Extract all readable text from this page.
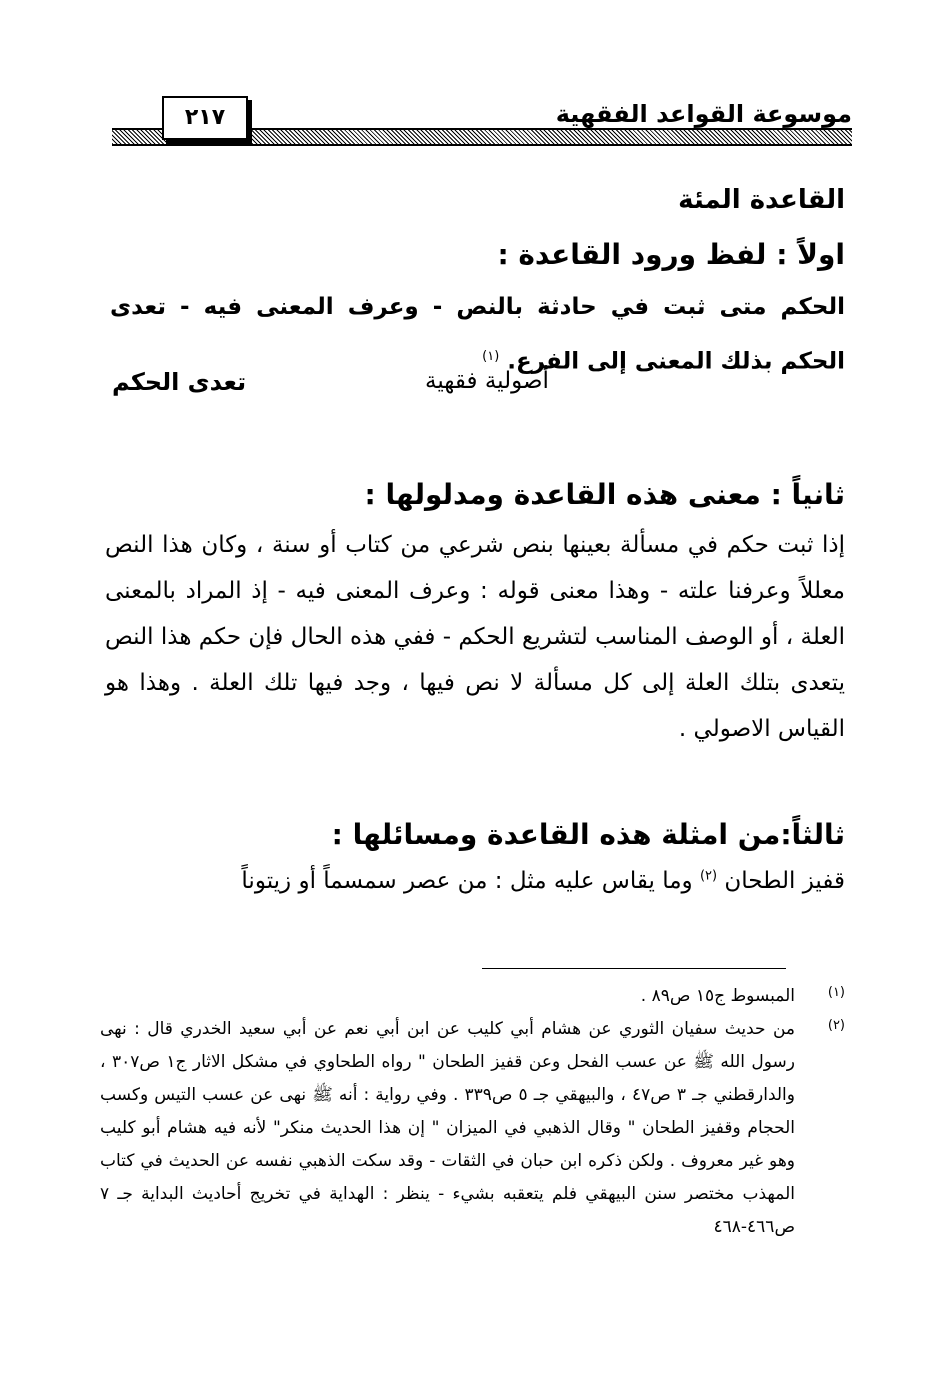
موسوعة القواعد الفقهية
٢١٧
القاعدة المئة
اولاً : لفظ ورود القاعدة :

الحكم متى ثبت في حادثة بالنص - وعرف المعنى فيه - تعدى الحكم بذلك المعنى إلى الفرع. $^{(١)}$

أصولية فقهية
تعدى الحكم
ثانياً : معنى هذه القاعدة ومدلولها :

إذا ثبت حكم في مسألة بعينها بنص شرعي من كتاب أو سنة ، وكان هذا النص معللاً وعرفنا علته - وهذا معنى قوله : وعرف المعنى فيه - إذ المراد بالمعنى العلة ، أو الوصف المناسب لتشريع الحكم - ففي هذه الحال فإن حكم هذا النص يتعدى بتلك العلة إلى كل مسألة لا نص فيها ، وجد فيها تلك العلة . وهذا هو القياس الاصولي .

ثالثاً:من امثلة هذه القاعدة ومسائلها :

قفيز الطحان $^{(٢)}$ وما يقاس عليه مثل : من عصر سمسماً أو زيتوناً

(١)
المبسوط ج١٥ ص٨٩ .

(٢)
من حديث سفيان الثوري عن هشام أبي كليب عن ابن أبي نعم عن أبي سعيد الخدري قال : نهى رسول الله ﷺ عن عسب الفحل وعن قفيز الطحان " رواه الطحاوي في مشكل الاثار ج١ ص٣٠٧ ، والدارقطني جـ ٣ ص٤٧ ، والبيهقي جـ ٥ ص٣٣٩ . وفي رواية : أنه ﷺ نهى عن عسب التيس وكسب الحجام وقفيز الطحان " وقال الذهبي في الميزان " إن هذا الحديث منكر" لأنه فيه هشام أبو كليب وهو غير معروف . ولكن ذكره ابن حبان في الثقات - وقد سكت الذهبي نفسه عن الحديث في كتاب المهذب مختصر سنن البيهقي فلم يتعقبه بشيء - ينظر : الهداية في تخريج أحاديث البداية جـ ٧ ص٤٦٦-٤٦٨
